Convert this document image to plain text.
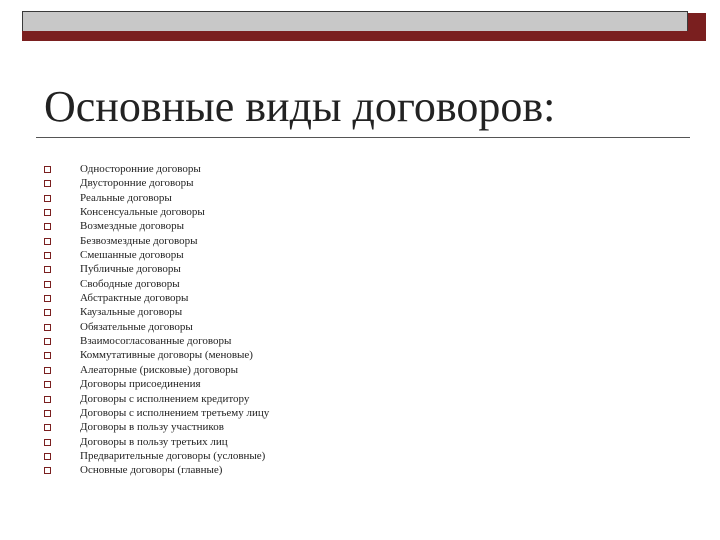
Основные виды договоров:
Односторонние договоры
Двусторонние договоры
Реальные договоры
Консенсуальные договоры
Возмездные договоры
Безвозмездные договоры
Смешанные договоры
Публичные договоры
Свободные договоры
Абстрактные договоры
Каузальные договоры
Обязательные договоры
Взаимосогласованные договоры
Коммутативные договоры (меновые)
Алеаторные (рисковые) договоры
Договоры присоединения
Договоры с исполнением кредитору
Договоры с исполнением третьему лицу
Договоры в пользу участников
Договоры в пользу третьих лиц
Предварительные договоры (условные)
Основные договоры (главные)
